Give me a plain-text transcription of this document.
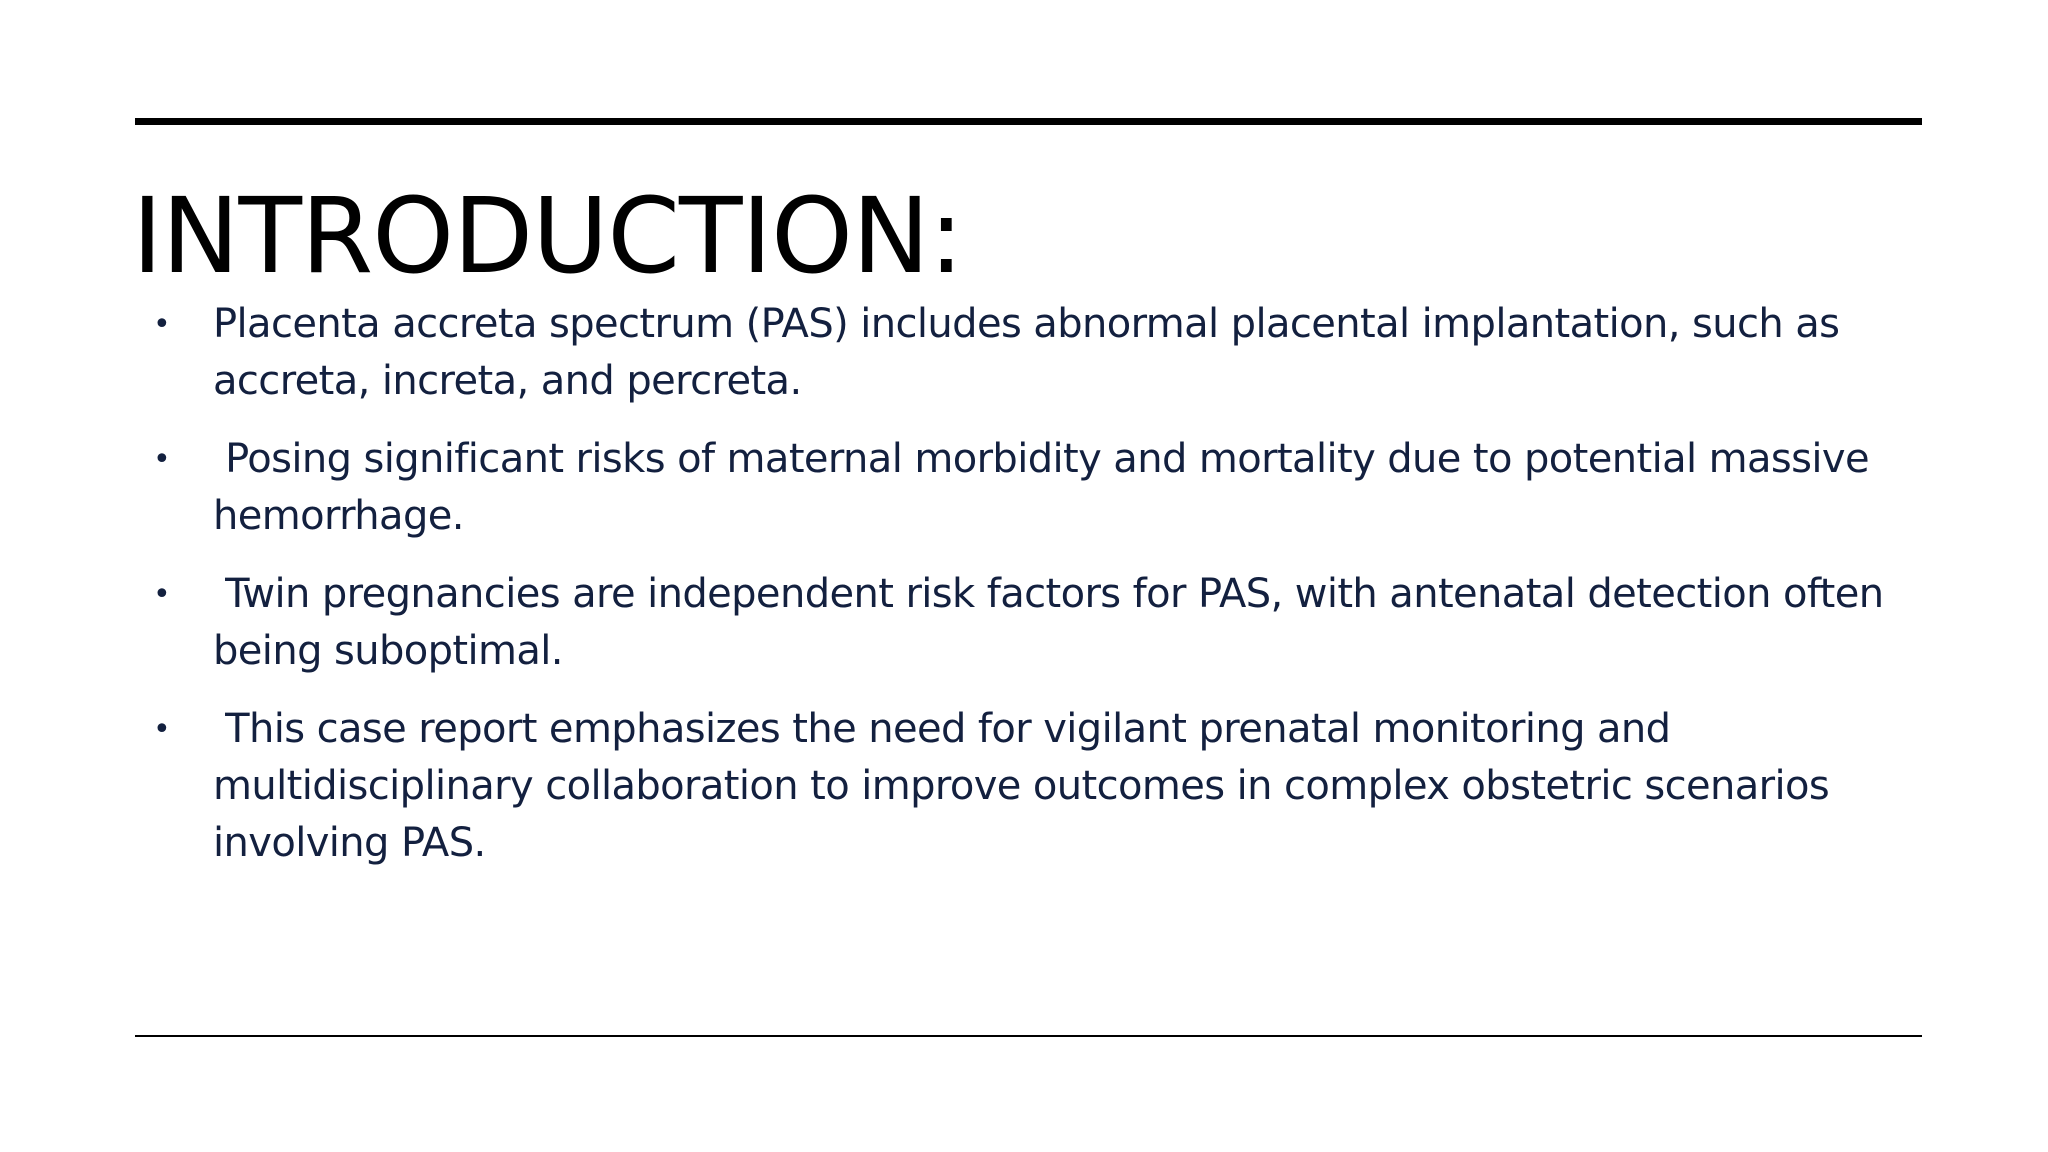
INTRODUCTION:
• Placenta accreta spectrum (PAS) includes abnormal placental implantation, such as accreta, increta, and percreta.
• Posing significant risks of maternal morbidity and mortality due to potential massive hemorrhage.
• Twin pregnancies are independent risk factors for PAS, with antenatal detection often being suboptimal.
• This case report emphasizes the need for vigilant prenatal monitoring and multidisciplinary collaboration to improve outcomes in complex obstetric scenarios involving PAS.
